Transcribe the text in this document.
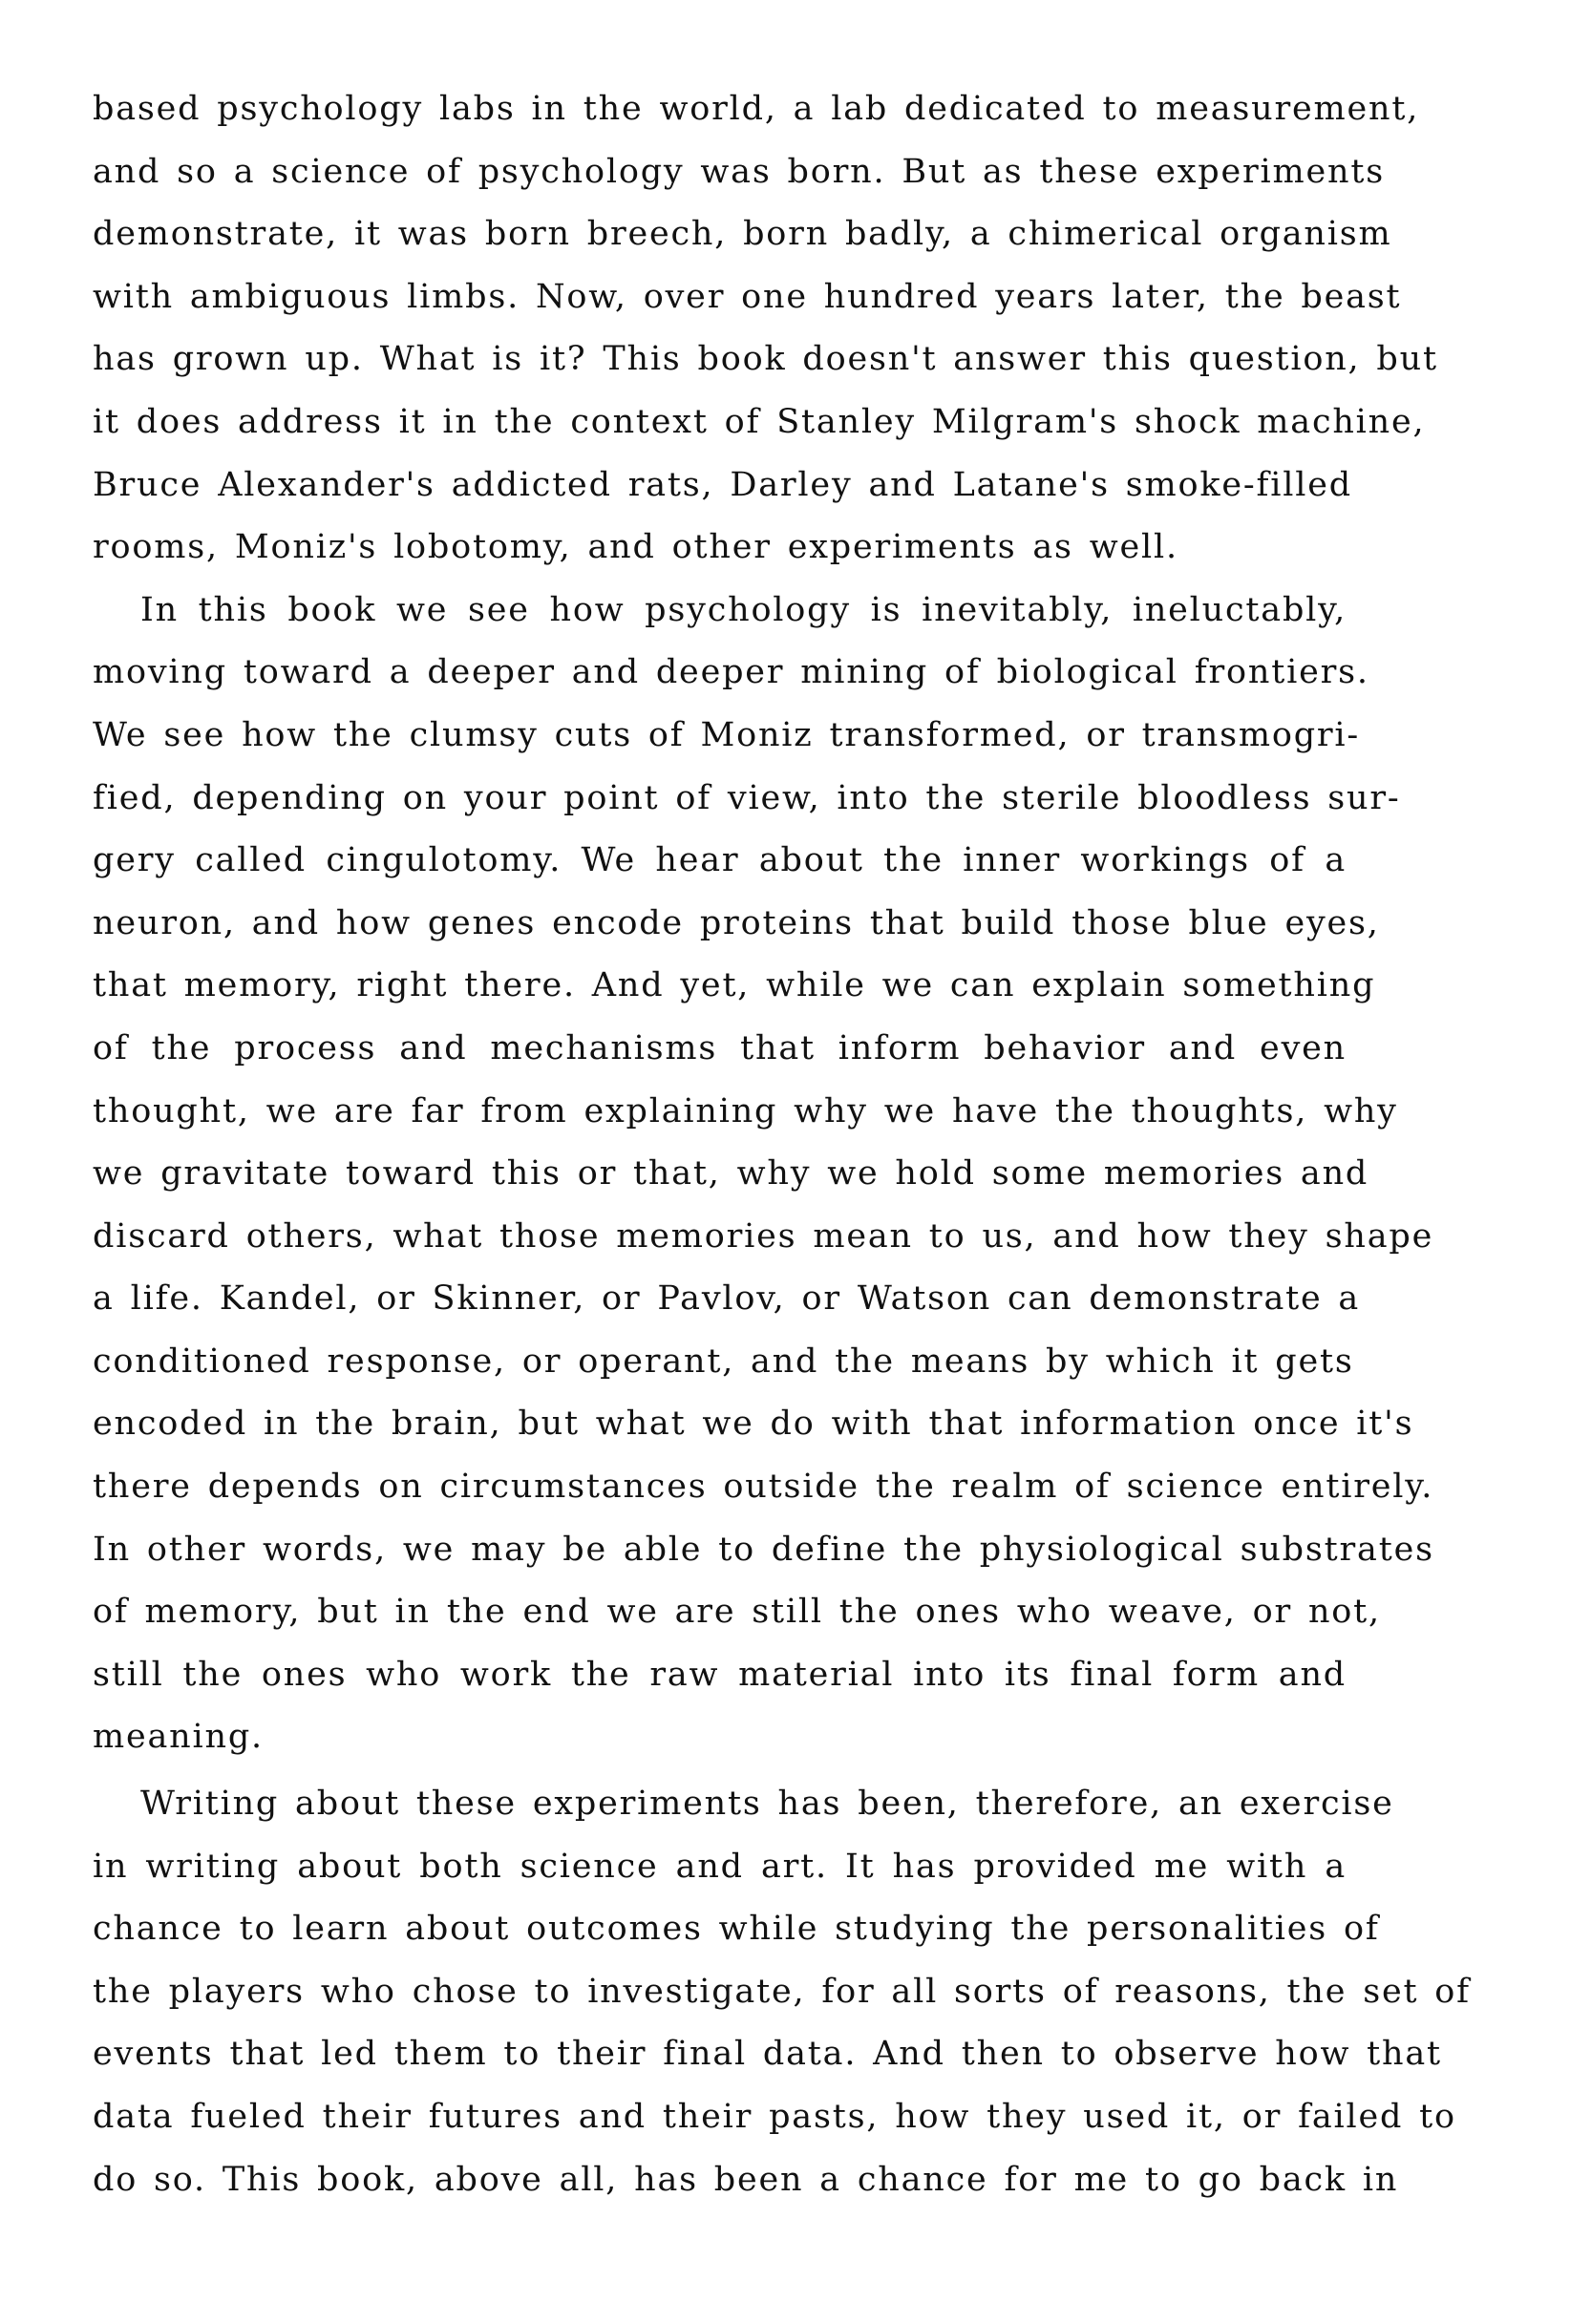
based psychology labs in the world, a lab dedicated to measurement,
and so a science of psychology was born. But as these experiments
demonstrate, it was born breech, born badly, a chimerical organism
with ambiguous limbs. Now, over one hundred years later, the beast
has grown up. What is it? This book doesn't answer this question, but
it does address it in the context of Stanley Milgram's shock machine,
Bruce Alexander's addicted rats, Darley and Latane's smoke-filled
rooms, Moniz's lobotomy, and other experiments as well.

In this book we see how psychology is inevitably, ineluctably,
moving toward a deeper and deeper mining of biological frontiers.
We see how the clumsy cuts of Moniz transformed, or transmogri-
fied, depending on your point of view, into the sterile bloodless sur-
gery called cingulotomy. We hear about the inner workings of a
neuron, and how genes encode proteins that build those blue eyes,
that memory, right there. And yet, while we can explain something
of the process and mechanisms that inform behavior and even
thought, we are far from explaining why we have the thoughts, why
we gravitate toward this or that, why we hold some memories and
discard others, what those memories mean to us, and how they shape
a life. Kandel, or Skinner, or Pavlov, or Watson can demonstrate a
conditioned response, or operant, and the means by which it gets
encoded in the brain, but what we do with that information once it's
there depends on circumstances outside the realm of science entirely.
In other words, we may be able to define the physiological substrates
of memory, but in the end we are still the ones who weave, or not,
still the ones who work the raw material into its final form and
meaning.

Writing about these experiments has been, therefore, an exercise
in writing about both science and art. It has provided me with a
chance to learn about outcomes while studying the personalities of
the players who chose to investigate, for all sorts of reasons, the set of
events that led them to their final data. And then to observe how that
data fueled their futures and their pasts, how they used it, or failed to
do so. This book, above all, has been a chance for me to go back in
